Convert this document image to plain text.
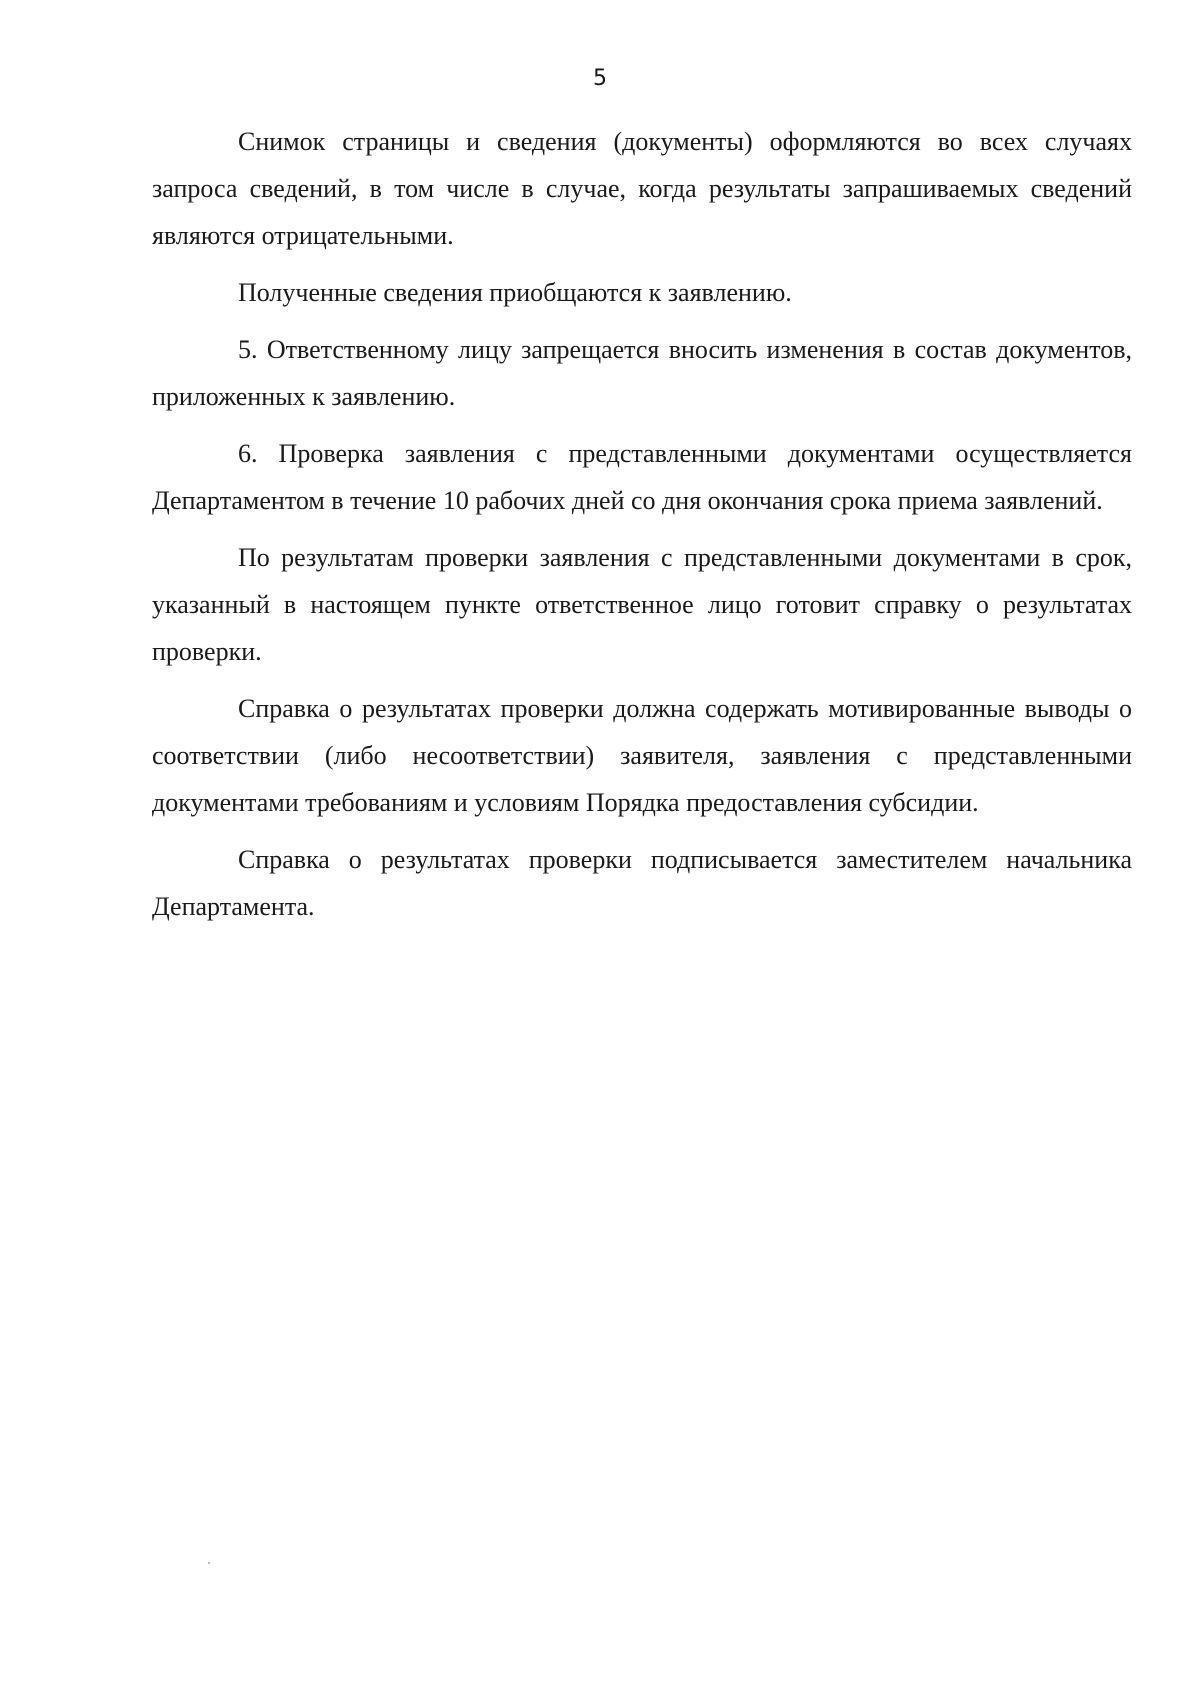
5

Снимок страницы и сведения (документы) оформляются во всех случаях запроса сведений, в том числе в случае, когда результаты запрашиваемых сведений являются отрицательными.

Полученные сведения приобщаются к заявлению.

5. Ответственному лицу запрещается вносить изменения в состав документов, приложенных к заявлению.

6. Проверка заявления с представленными документами осуществляется Департаментом в течение 10 рабочих дней со дня окончания срока приема заявлений.

По результатам проверки заявления с представленными документами в срок, указанный в настоящем пункте ответственное лицо готовит справку о результатах проверки.

Справка о результатах проверки должна содержать мотивированные выводы о соответствии (либо несоответствии) заявителя, заявления с представленными документами требованиям и условиям Порядка предоставления субсидии.

Справка о результатах проверки подписывается заместителем начальника Департамента.
